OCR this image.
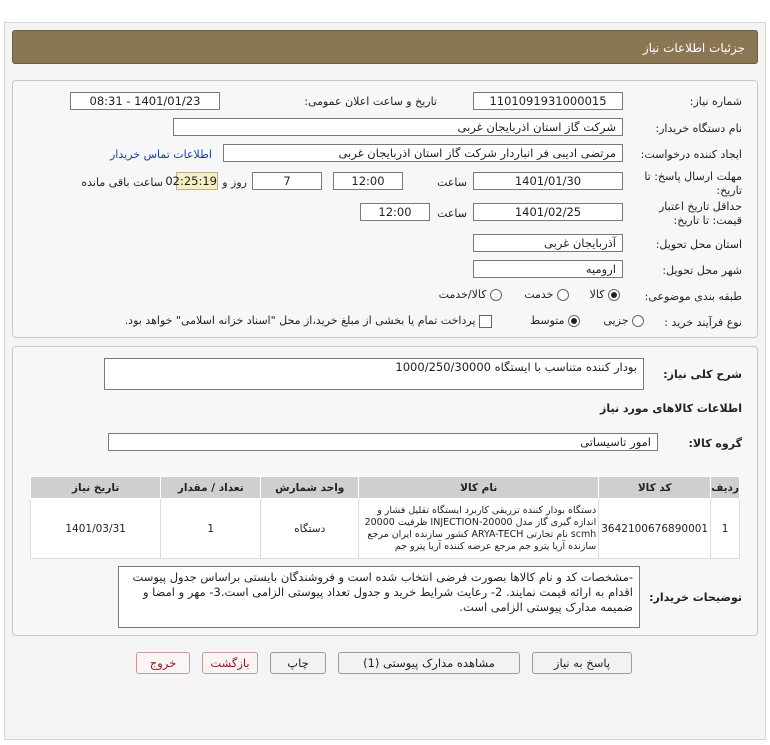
جزئیات اطلاعات نیاز
شماره نیاز:
1101091931000015
تاریخ و ساعت اعلان عمومی:
1401/01/23 - 08:31
نام دستگاه خریدار:
شرکت گاز استان اذربایجان غربی
ایجاد کننده درخواست:
مرتضی ادیبی فر انباردار شرکت گاز استان اذربایجان غربی
اطلاعات تماس خریدار
مهلت ارسال پاسخ: تا تاریخ:
1401/01/30
ساعت
12:00
7
روز و
02:25:19
ساعت باقی مانده
حداقل تاریخ اعتبار قیمت: تا تاریخ:
1401/02/25
ساعت
12:00
استان محل تحویل:
آذربایجان غربی
شهر محل تحویل:
ارومیه
طبقه بندی موضوعی:
کالا
خدمت
کالا/خدمت
نوع فرآیند خرید :
جزیی
متوسط
پرداخت تمام یا بخشی از مبلغ خرید،از محل "اسناد خزانه اسلامی" خواهد بود.
شرح کلی نیاز:
بودار کننده متناسب با ایستگاه 1000/250/30000
اطلاعات کالاهای مورد نیاز
گروه کالا:
امور تاسیساتی
ردیف	کد کالا	نام کالا	واحد شمارش	تعداد / مقدار	تاریخ نیاز
1	3642100676890001	دستگاه بودار کننده تزریقی کاربرد ایستگاه تقلیل فشار و اندازه گیری گاز مدل INJECTION-20000 ظرفیت 20000 scmh نام تجارتی ARYA-TECH کشور سازنده ایران مرجع سازنده آریا پترو جم مرجع عرضه کننده آریا پترو جم	دستگاه	1	1401/03/31
توضیحات خریدار:
-مشخصات کد و نام کالاها بصورت فرضی انتخاب شده است و فروشندگان بایستی براساس جدول پیوست اقدام به ارائه قیمت نمایند. 2- رعایت شرایط خرید و جدول تعداد پیوستی الزامی است.3- مهر و امضا و ضمیمه مدارک پیوستی الزامی است.
پاسخ به نیاز
مشاهده مدارک پیوستی (1)
چاپ
بازگشت
خروج
